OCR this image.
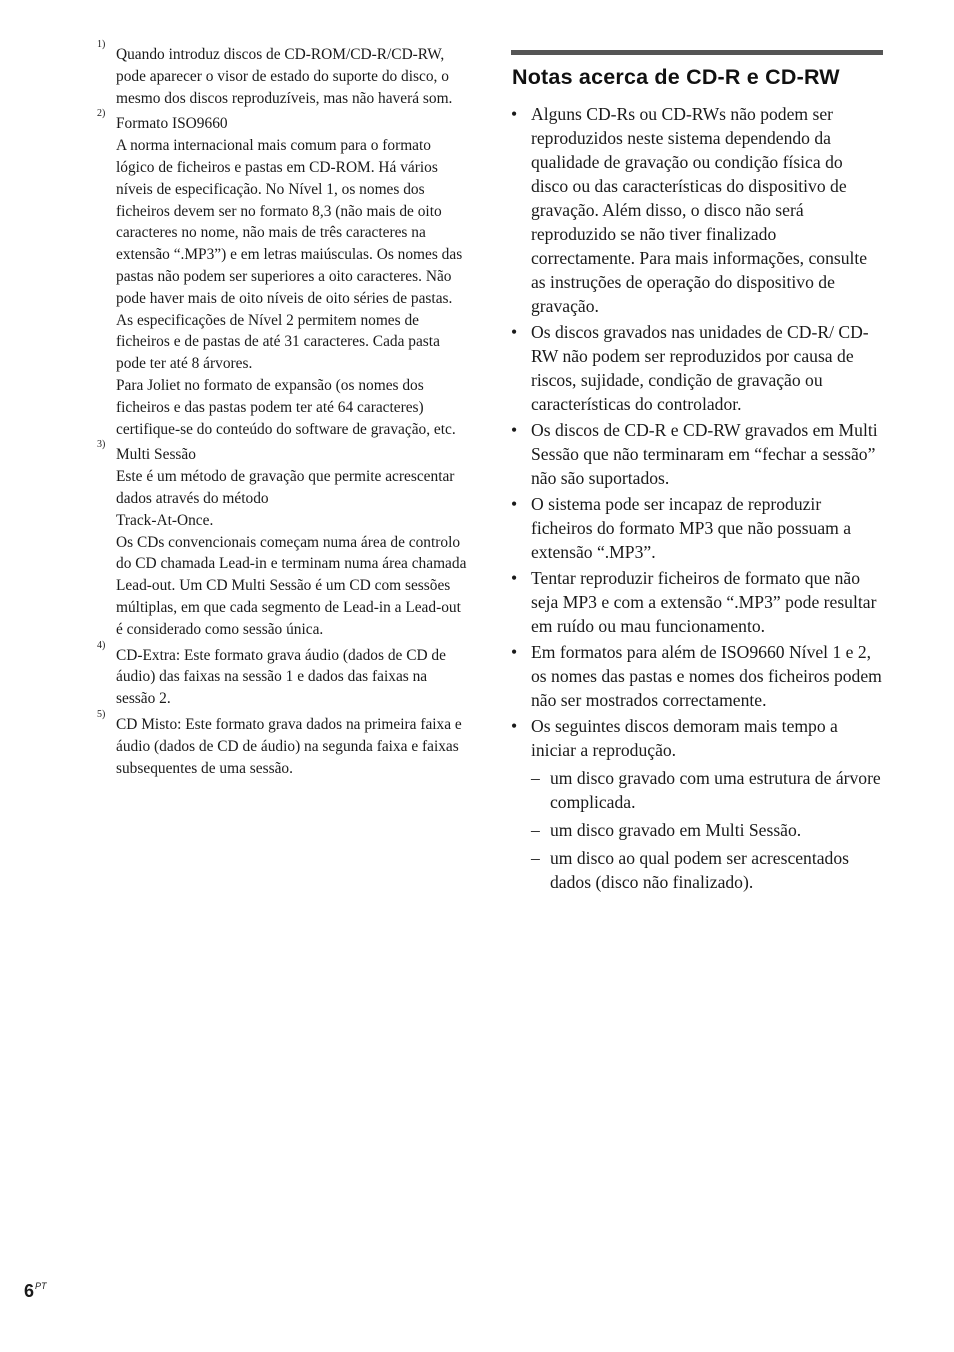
1)
Quando introduz discos de CD-ROM/CD-R/CD-RW, pode aparecer o visor de estado do suporte do disco, o mesmo dos discos reproduzíveis, mas não haverá som.
2)
Formato ISO9660
A norma internacional mais comum para o formato lógico de ficheiros e pastas em CD-ROM. Há vários níveis de especificação. No Nível 1, os nomes dos ficheiros devem ser no formato 8,3 (não mais de oito caracteres no nome, não mais de três caracteres na extensão “.MP3”) e em letras maiúsculas. Os nomes das pastas não podem ser superiores a oito caracteres. Não pode haver mais de oito níveis de oito séries de pastas. As especificações de Nível 2 permitem nomes de ficheiros e de pastas de até 31 caracteres. Cada pasta pode ter até 8 árvores.
Para Joliet no formato de expansão (os nomes dos ficheiros e das pastas podem ter até 64 caracteres) certifique-se do conteúdo do software de gravação, etc.
3)
Multi Sessão
Este é um método de gravação que permite acrescentar dados através do método
Track-At-Once.
Os CDs convencionais começam numa área de controlo do CD chamada Lead-in e terminam numa área chamada Lead-out. Um CD Multi Sessão é um CD com sessões múltiplas, em que cada segmento de Lead-in a Lead-out é considerado como sessão única.
4)
CD-Extra: Este formato grava áudio (dados de CD de áudio) das faixas na sessão 1 e dados das faixas na sessão 2.
5)
CD Misto: Este formato grava dados na primeira faixa e áudio (dados de CD de áudio) na segunda faixa e faixas subsequentes de uma sessão.
Notas acerca de CD-R e CD-RW
• Alguns CD-Rs ou CD-RWs não podem ser reproduzidos neste sistema dependendo da qualidade de gravação ou condição física do disco ou das características do dispositivo de gravação. Além disso, o disco não será reproduzido se não tiver finalizado correctamente. Para mais informações, consulte as instruções de operação do dispositivo de gravação.
• Os discos gravados nas unidades de CD-R/ CD-RW não podem ser reproduzidos por causa de riscos, sujidade, condição de gravação ou características do controlador.
• Os discos de CD-R e CD-RW gravados em Multi Sessão que não terminaram em “fechar a sessão” não são suportados.
• O sistema pode ser incapaz de reproduzir ficheiros do formato MP3 que não possuam a extensão “.MP3”.
• Tentar reproduzir ficheiros de formato que não seja MP3 e com a extensão “.MP3” pode resultar em ruído ou mau funcionamento.
• Em formatos para além de ISO9660 Nível 1 e 2, os nomes das pastas e nomes dos ficheiros podem não ser mostrados correctamente.
• Os seguintes discos demoram mais tempo a iniciar a reprodução.
– um disco gravado com uma estrutura de árvore complicada.
– um disco gravado em Multi Sessão.
– um disco ao qual podem ser acrescentados dados (disco não finalizado).
$6^{PT}$
